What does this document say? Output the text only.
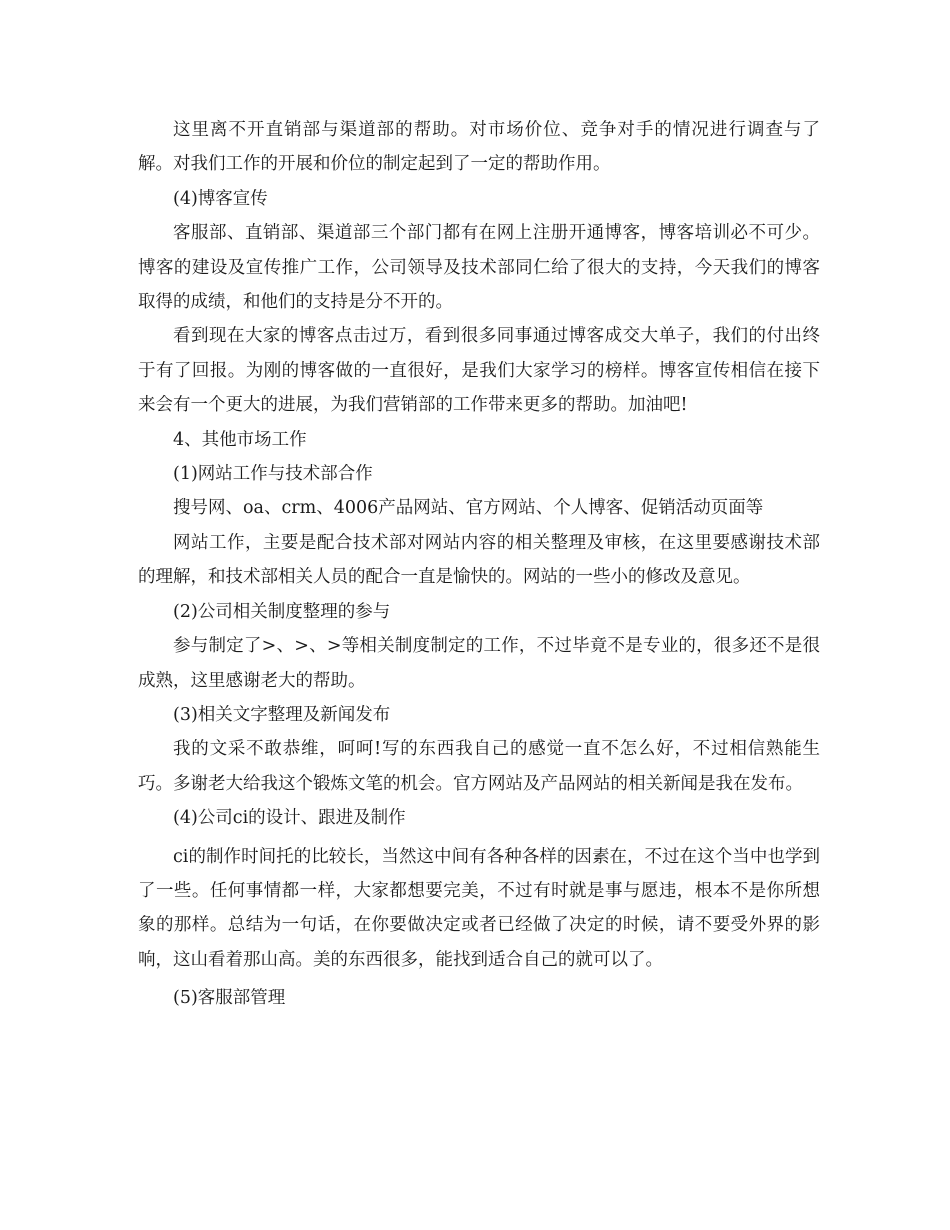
这里离不开直销部与渠道部的帮助。对市场价位、竞争对手的情况进行调查与了解。对我们工作的开展和价位的制定起到了一定的帮助作用。

(4)博客宣传

客服部、直销部、渠道部三个部门都有在网上注册开通博客，博客培训必不可少。博客的建设及宣传推广工作，公司领导及技术部同仁给了很大的支持，今天我们的博客取得的成绩，和他们的支持是分不开的。

看到现在大家的博客点击过万，看到很多同事通过博客成交大单子，我们的付出终于有了回报。为刚的博客做的一直很好，是我们大家学习的榜样。博客宣传相信在接下来会有一个更大的进展，为我们营销部的工作带来更多的帮助。加油吧!

4、其他市场工作

(1)网站工作与技术部合作

搜号网、oa、crm、4006产品网站、官方网站、个人博客、促销活动页面等

网站工作，主要是配合技术部对网站内容的相关整理及审核，在这里要感谢技术部的理解，和技术部相关人员的配合一直是愉快的。网站的一些小的修改及意见。

(2)公司相关制度整理的参与

参与制定了>、>、>等相关制度制定的工作，不过毕竟不是专业的，很多还不是很成熟，这里感谢老大的帮助。

(3)相关文字整理及新闻发布

我的文采不敢恭维，呵呵!写的东西我自己的感觉一直不怎么好，不过相信熟能生巧。多谢老大给我这个锻炼文笔的机会。官方网站及产品网站的相关新闻是我在发布。

(4)公司ci的设计、跟进及制作

ci的制作时间托的比较长，当然这中间有各种各样的因素在，不过在这个当中也学到了一些。任何事情都一样，大家都想要完美，不过有时就是事与愿违，根本不是你所想象的那样。总结为一句话，在你要做决定或者已经做了决定的时候，请不要受外界的影响，这山看着那山高。美的东西很多，能找到适合自己的就可以了。

(5)客服部管理
